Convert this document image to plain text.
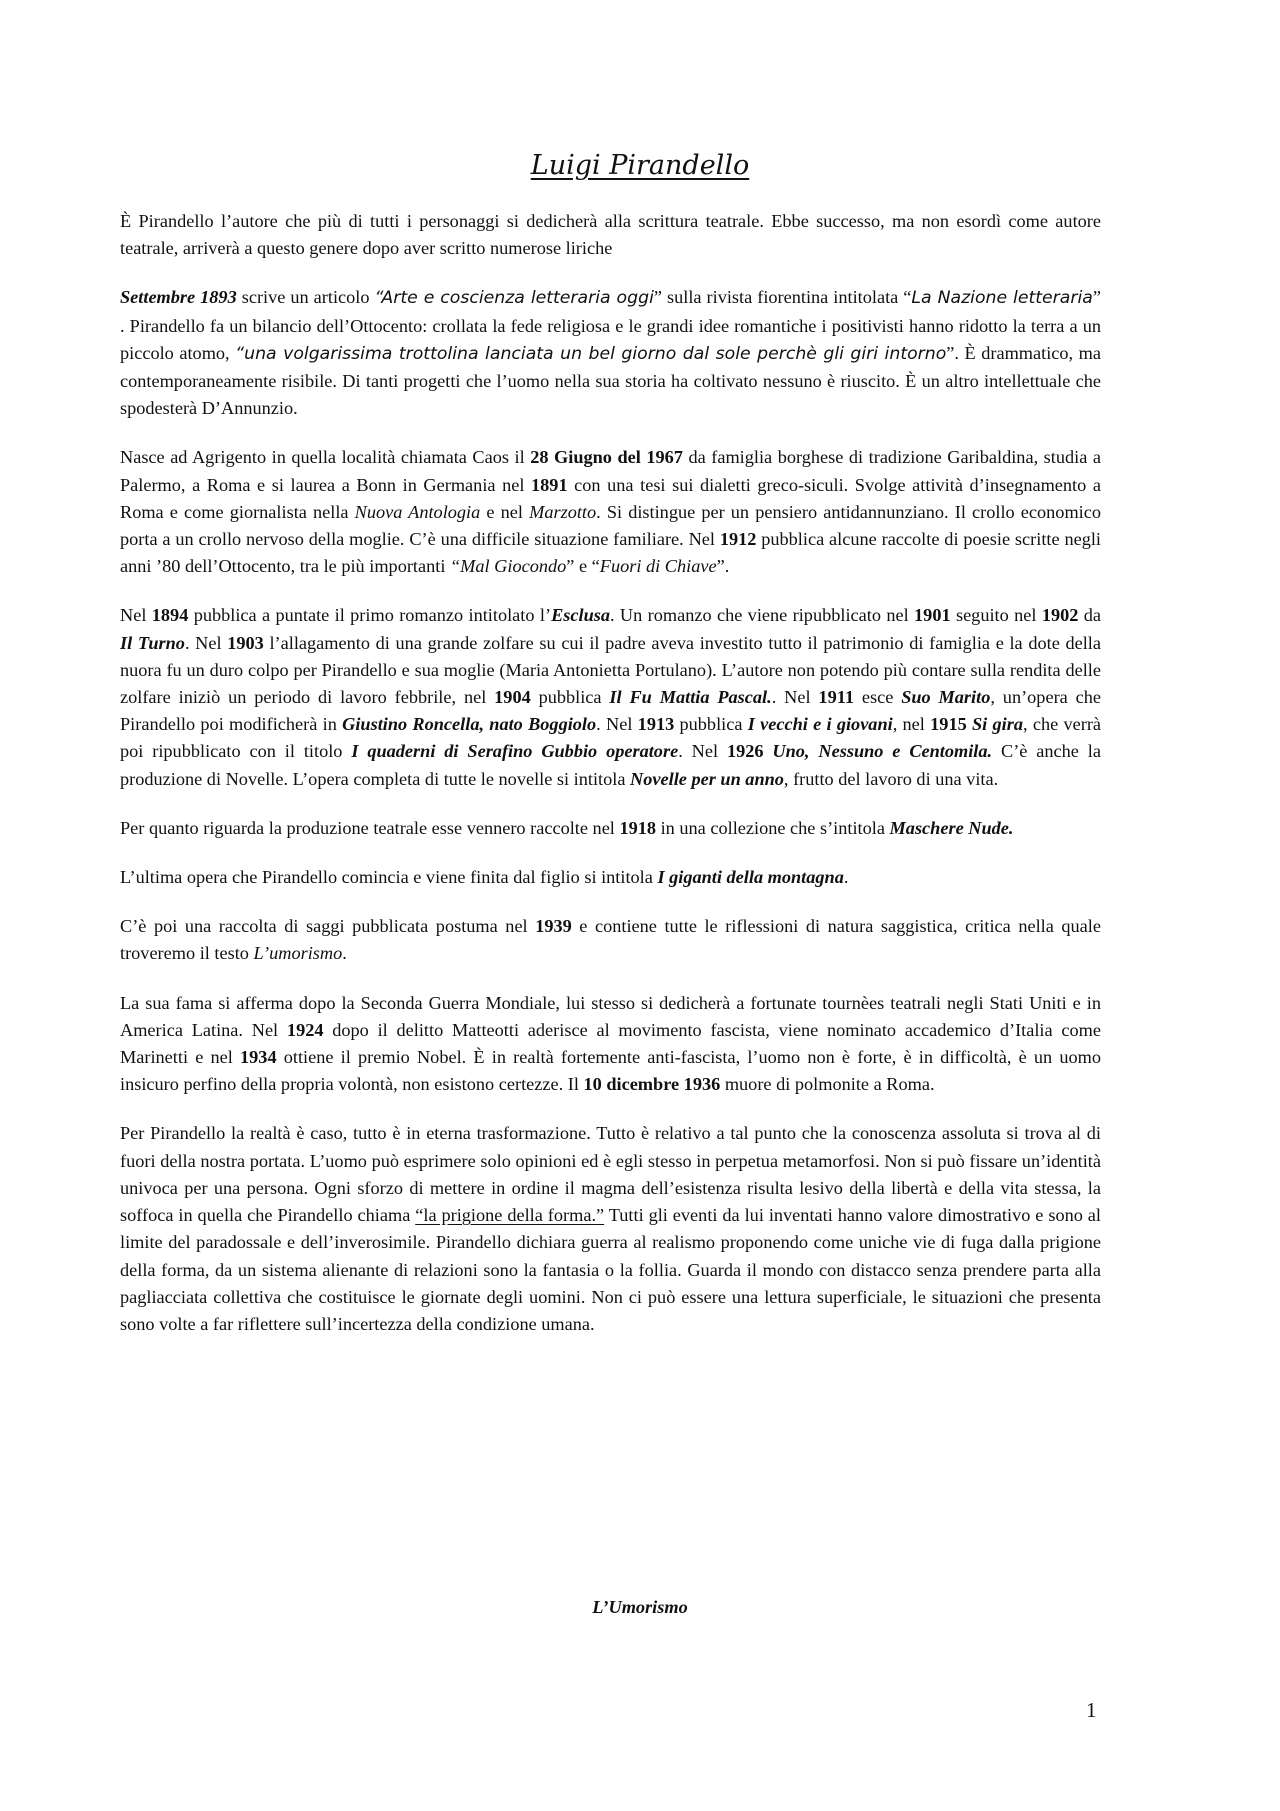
Luigi Pirandello

È Pirandello l’autore che più di tutti i personaggi si dedicherà alla scrittura teatrale. Ebbe successo, ma non esordì come autore teatrale, arriverà a questo genere dopo aver scritto numerose liriche

Settembre 1893 scrive un articolo “Arte e coscienza letteraria oggi” sulla rivista fiorentina intitolata “La Nazione letteraria” . Pirandello fa un bilancio dell’Ottocento: crollata la fede religiosa e le grandi idee romantiche i positivisti hanno ridotto la terra a un piccolo atomo, “una volgarissima trottolina lanciata un bel giorno dal sole perchè gli giri intorno”. È drammatico, ma contemporaneamente risibile. Di tanti progetti che l’uomo nella sua storia ha coltivato nessuno è riuscito. È un altro intellettuale che spodesterà D’Annunzio.

Nasce ad Agrigento in quella località chiamata Caos il 28 Giugno del 1967 da famiglia borghese di tradizione Garibaldina, studia a Palermo, a Roma e si laurea a Bonn in Germania nel 1891 con una tesi sui dialetti greco-siculi. Svolge attività d’insegnamento a Roma e come giornalista nella Nuova Antologia e nel Marzotto. Si distingue per un pensiero antidannunziano. Il crollo economico porta a un crollo nervoso della moglie. C’è una difficile situazione familiare. Nel 1912 pubblica alcune raccolte di poesie scritte negli anni ’80 dell’Ottocento, tra le più importanti “Mal Giocondo” e “Fuori di Chiave”.

Nel 1894 pubblica a puntate il primo romanzo intitolato l’Esclusa. Un romanzo che viene ripubblicato nel 1901 seguito nel 1902 da Il Turno. Nel 1903 l’allagamento di una grande zolfare su cui il padre aveva investito tutto il patrimonio di famiglia e la dote della nuora fu un duro colpo per Pirandello e sua moglie (Maria Antonietta Portulano). L’autore non potendo più contare sulla rendita delle zolfare iniziò un periodo di lavoro febbrile, nel 1904 pubblica Il Fu Mattia Pascal.. Nel 1911 esce Suo Marito, un’opera che Pirandello poi modificherà in Giustino Roncella, nato Boggiolo. Nel 1913 pubblica I vecchi e i giovani, nel 1915 Si gira, che verrà poi ripubblicato con il titolo I quaderni di Serafino Gubbio operatore. Nel 1926 Uno, Nessuno e Centomila. C’è anche la produzione di Novelle. L’opera completa di tutte le novelle si intitola Novelle per un anno, frutto del lavoro di una vita.

Per quanto riguarda la produzione teatrale esse vennero raccolte nel 1918 in una collezione che s’intitola Maschere Nude.

L’ultima opera che Pirandello comincia e viene finita dal figlio si intitola I giganti della montagna.

C’è poi una raccolta di saggi pubblicata postuma nel 1939 e contiene tutte le riflessioni di natura saggistica, critica nella quale troveremo il testo L’umorismo.

La sua fama si afferma dopo la Seconda Guerra Mondiale, lui stesso si dedicherà a fortunate tournèes teatrali negli Stati Uniti e in America Latina. Nel 1924 dopo il delitto Matteotti aderisce al movimento fascista, viene nominato accademico d’Italia come Marinetti e nel 1934 ottiene il premio Nobel. È in realtà fortemente anti-fascista, l’uomo non è forte, è in difficoltà, è un uomo insicuro perfino della propria volontà, non esistono certezze. Il 10 dicembre 1936 muore di polmonite a Roma.

Per Pirandello la realtà è caso, tutto è in eterna trasformazione. Tutto è relativo a tal punto che la conoscenza assoluta si trova al di fuori della nostra portata. L’uomo può esprimere solo opinioni ed è egli stesso in perpetua metamorfosi. Non si può fissare un’identità univoca per una persona. Ogni sforzo di mettere in ordine il magma dell’esistenza risulta lesivo della libertà e della vita stessa, la soffoca in quella che Pirandello chiama “la prigione della forma.” Tutti gli eventi da lui inventati hanno valore dimostrativo e sono al limite del paradossale e dell’inverosimile. Pirandello dichiara guerra al realismo proponendo come uniche vie di fuga dalla prigione della forma, da un sistema alienante di relazioni sono la fantasia o la follia. Guarda il mondo con distacco senza prendere parta alla pagliacciata collettiva che costituisce le giornate degli uomini. Non ci può essere una lettura superficiale, le situazioni che presenta sono volte a far riflettere sull’incertezza della condizione umana.

L’Umorismo
1
